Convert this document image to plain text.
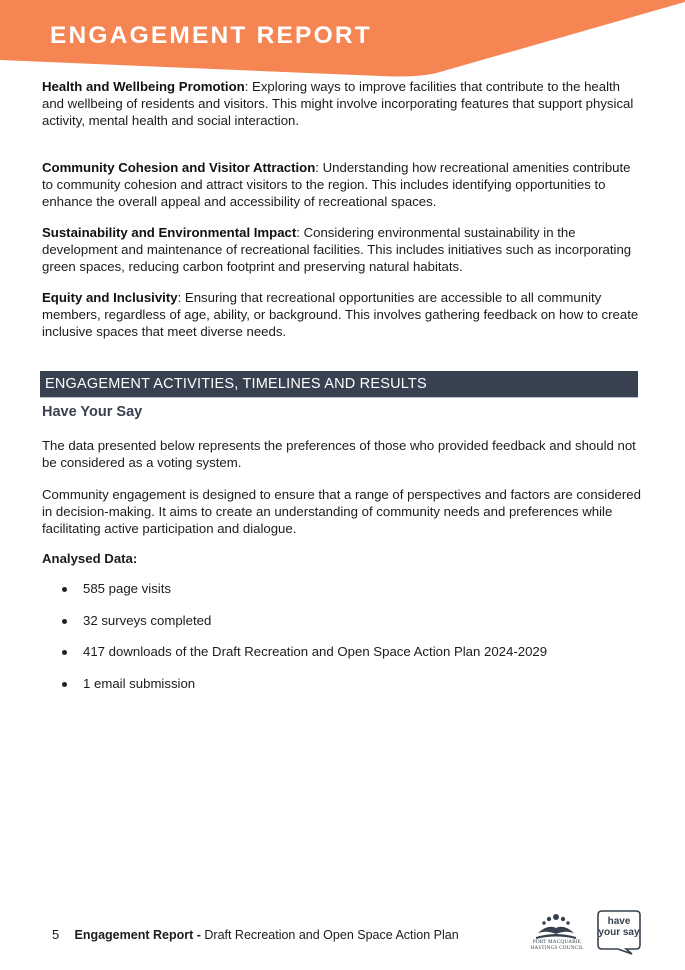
ENGAGEMENT REPORT

Health and Wellbeing Promotion: Exploring ways to improve facilities that contribute to the health and wellbeing of residents and visitors. This might involve incorporating features that support physical activity, mental health and social interaction.

Community Cohesion and Visitor Attraction: Understanding how recreational amenities contribute to community cohesion and attract visitors to the region. This includes identifying opportunities to enhance the overall appeal and accessibility of recreational spaces.

Sustainability and Environmental Impact: Considering environmental sustainability in the development and maintenance of recreational facilities. This includes initiatives such as incorporating green spaces, reducing carbon footprint and preserving natural habitats.

Equity and Inclusivity: Ensuring that recreational opportunities are accessible to all community members, regardless of age, ability, or background. This involves gathering feedback on how to create inclusive spaces that meet diverse needs.

ENGAGEMENT ACTIVITIES, TIMELINES AND RESULTS
Have Your Say

The data presented below represents the preferences of those who provided feedback and should not be considered as a voting system.

Community engagement is designed to ensure that a range of perspectives and factors are considered in decision-making. It aims to create an understanding of community needs and preferences while facilitating active participation and dialogue.

Analysed Data:
585 page visits
32 surveys completed
417 downloads of the Draft Recreation and Open Space Action Plan 2024-2029
1 email submission
5 Engagement Report - Draft Recreation and Open Space Action Plan	PORT MACQUARIE HASTINGS COUNCIL
have
your say
